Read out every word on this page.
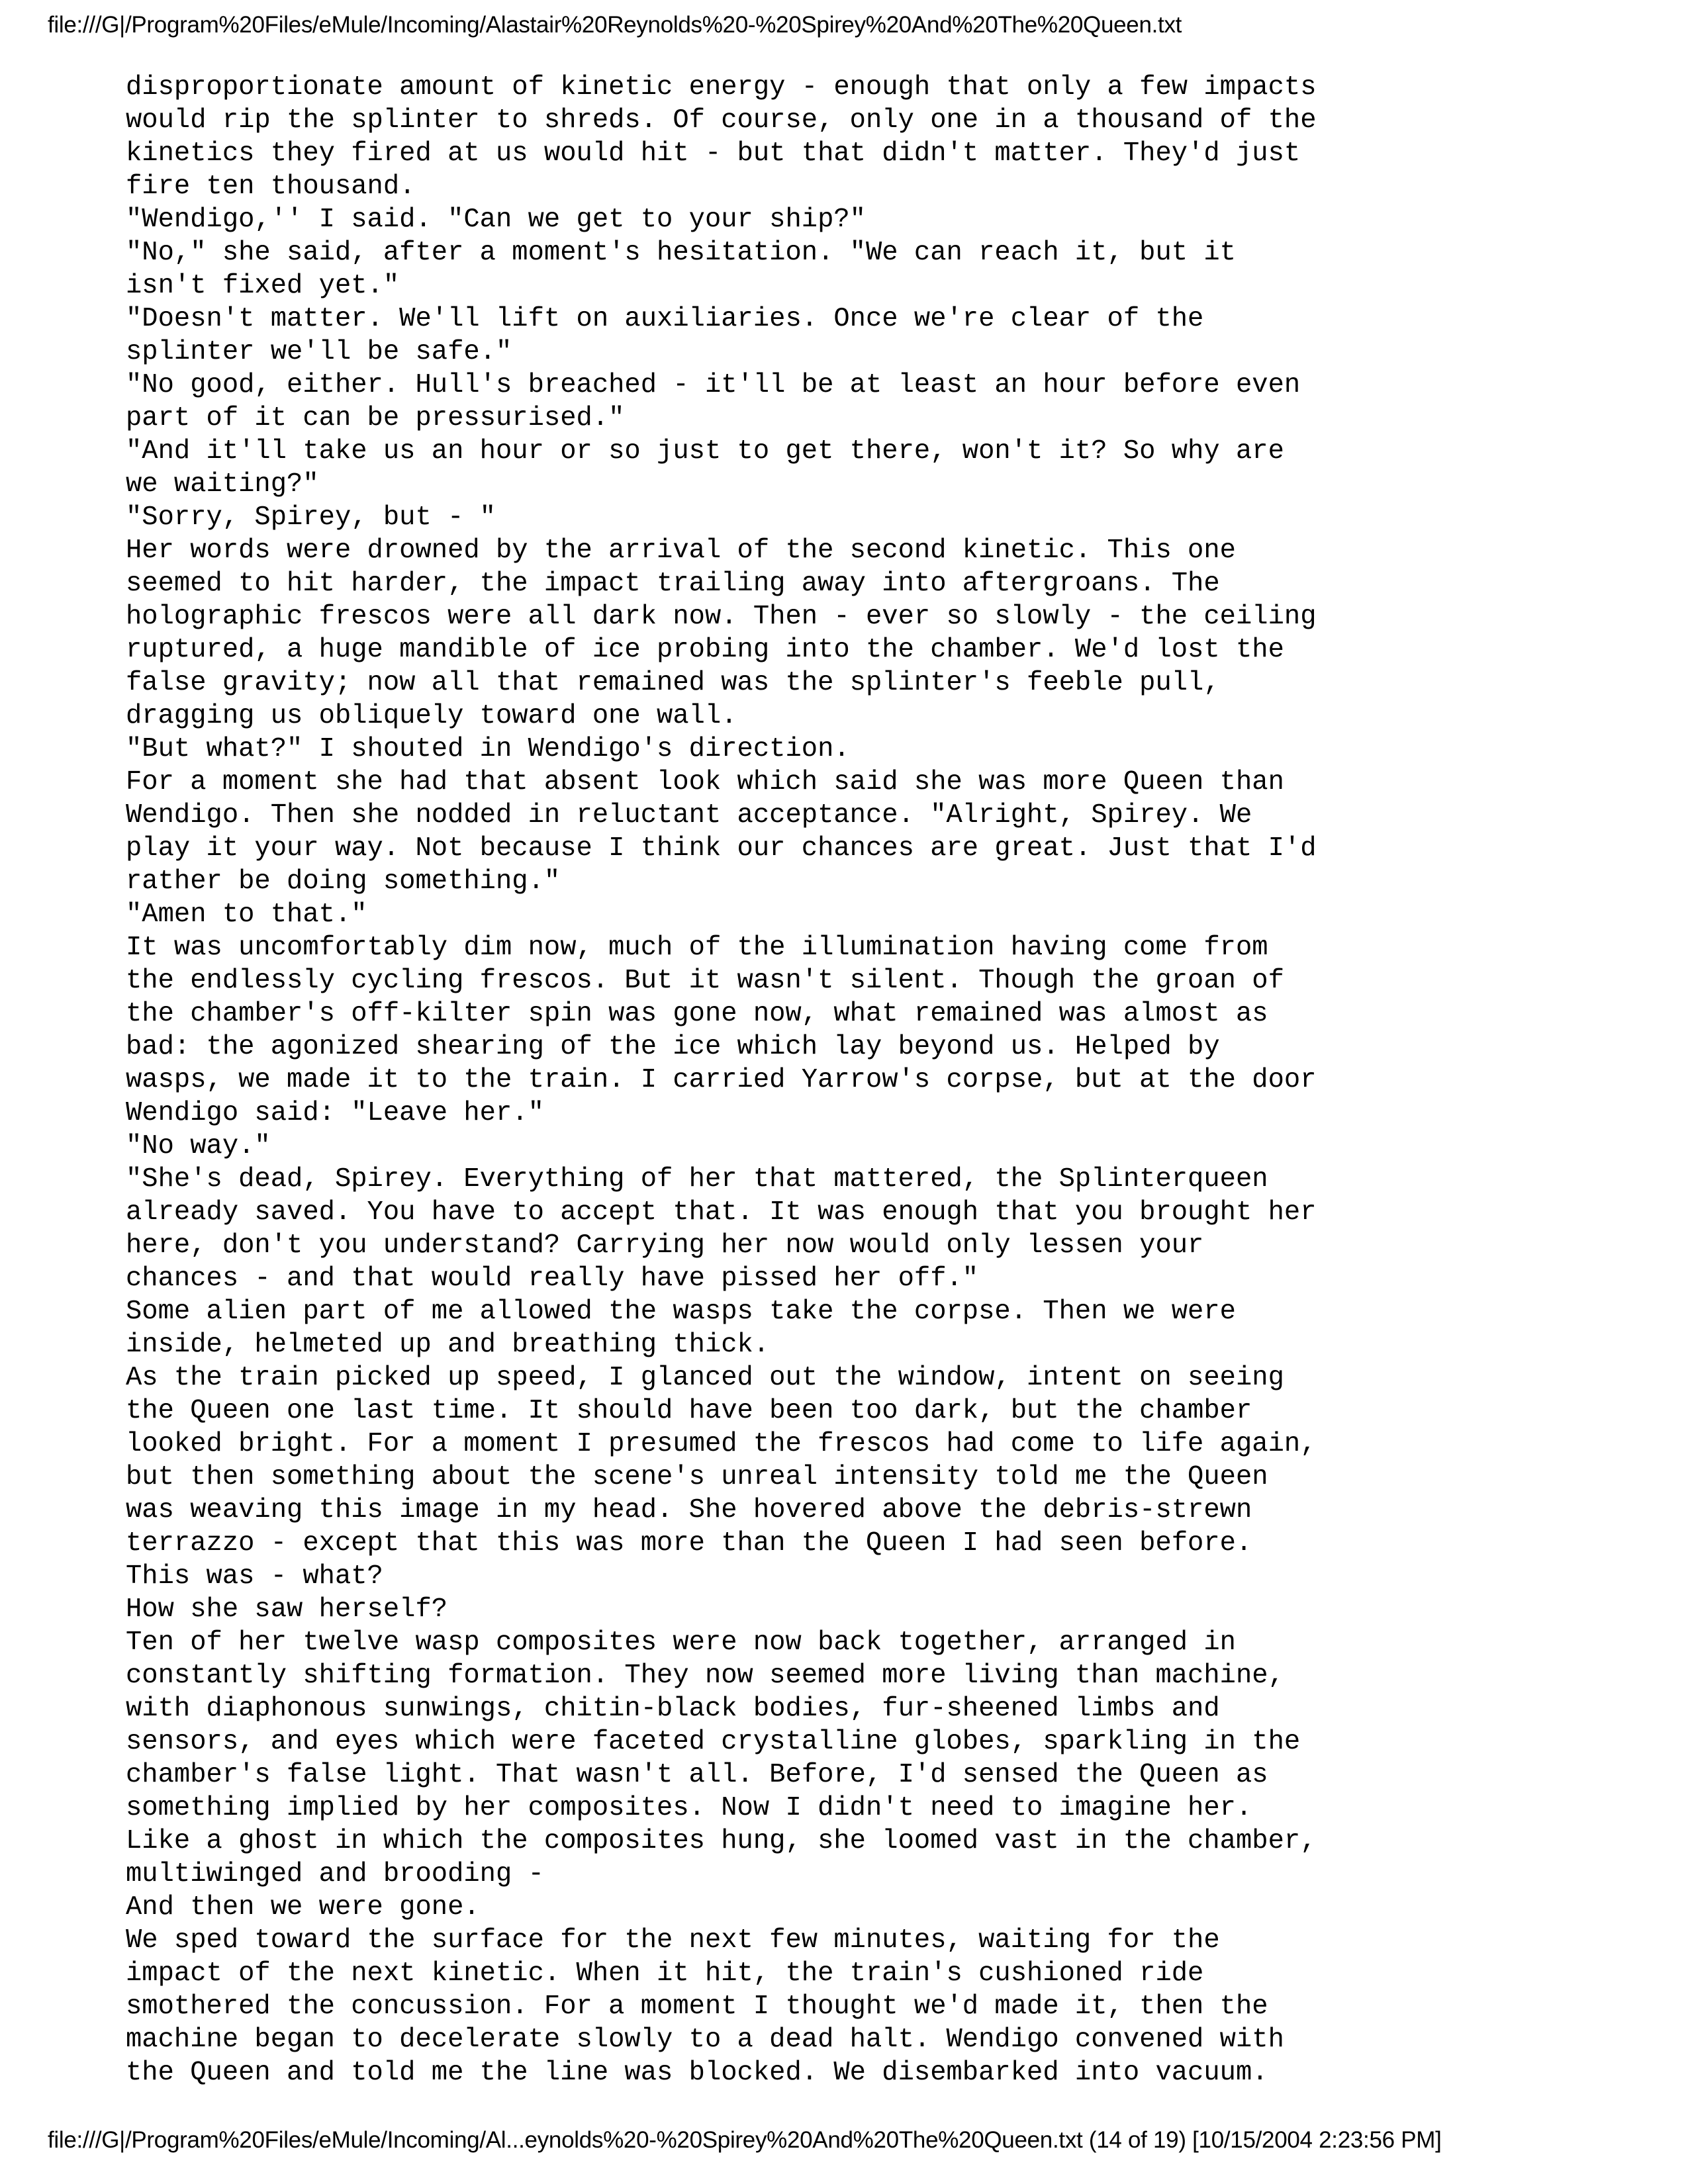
file:///G|/Program%20Files/eMule/Incoming/Alastair%20Reynolds%20-%20Spirey%20And%20The%20Queen.txt
disproportionate amount of kinetic energy - enough that only a few impacts
would rip the splinter to shreds. Of course, only one in a thousand of the
kinetics they fired at us would hit - but that didn't matter. They'd just
fire ten thousand.
"Wendigo,'' I said. "Can we get to your ship?"
"No," she said, after a moment's hesitation. "We can reach it, but it
isn't fixed yet."
"Doesn't matter. We'll lift on auxiliaries. Once we're clear of the
splinter we'll be safe."
"No good, either. Hull's breached - it'll be at least an hour before even
part of it can be pressurised."
"And it'll take us an hour or so just to get there, won't it? So why are
we waiting?"
"Sorry, Spirey, but - "
Her words were drowned by the arrival of the second kinetic. This one
seemed to hit harder, the impact trailing away into aftergroans. The
holographic frescos were all dark now. Then - ever so slowly - the ceiling
ruptured, a huge mandible of ice probing into the chamber. We'd lost the
false gravity; now all that remained was the splinter's feeble pull,
dragging us obliquely toward one wall.
"But what?" I shouted in Wendigo's direction.
For a moment she had that absent look which said she was more Queen than
Wendigo. Then she nodded in reluctant acceptance. "Alright, Spirey. We
play it your way. Not because I think our chances are great. Just that I'd
rather be doing something."
"Amen to that."
It was uncomfortably dim now, much of the illumination having come from
the endlessly cycling frescos. But it wasn't silent. Though the groan of
the chamber's off-kilter spin was gone now, what remained was almost as
bad: the agonized shearing of the ice which lay beyond us. Helped by
wasps, we made it to the train. I carried Yarrow's corpse, but at the door
Wendigo said: "Leave her."
"No way."
"She's dead, Spirey. Everything of her that mattered, the Splinterqueen
already saved. You have to accept that. It was enough that you brought her
here, don't you understand? Carrying her now would only lessen your
chances - and that would really have pissed her off."
Some alien part of me allowed the wasps take the corpse. Then we were
inside, helmeted up and breathing thick.
As the train picked up speed, I glanced out the window, intent on seeing
the Queen one last time. It should have been too dark, but the chamber
looked bright. For a moment I presumed the frescos had come to life again,
but then something about the scene's unreal intensity told me the Queen
was weaving this image in my head. She hovered above the debris-strewn
terrazzo - except that this was more than the Queen I had seen before.
This was - what?
How she saw herself?
Ten of her twelve wasp composites were now back together, arranged in
constantly shifting formation. They now seemed more living than machine,
with diaphonous sunwings, chitin-black bodies, fur-sheened limbs and
sensors, and eyes which were faceted crystalline globes, sparkling in the
chamber's false light. That wasn't all. Before, I'd sensed the Queen as
something implied by her composites. Now I didn't need to imagine her.
Like a ghost in which the composites hung, she loomed vast in the chamber,
multiwinged and brooding -
And then we were gone.
We sped toward the surface for the next few minutes, waiting for the
impact of the next kinetic. When it hit, the train's cushioned ride
smothered the concussion. For a moment I thought we'd made it, then the
machine began to decelerate slowly to a dead halt. Wendigo convened with
the Queen and told me the line was blocked. We disembarked into vacuum.
file:///G|/Program%20Files/eMule/Incoming/Al...eynolds%20-%20Spirey%20And%20The%20Queen.txt (14 of 19) [10/15/2004 2:23:56 PM]
